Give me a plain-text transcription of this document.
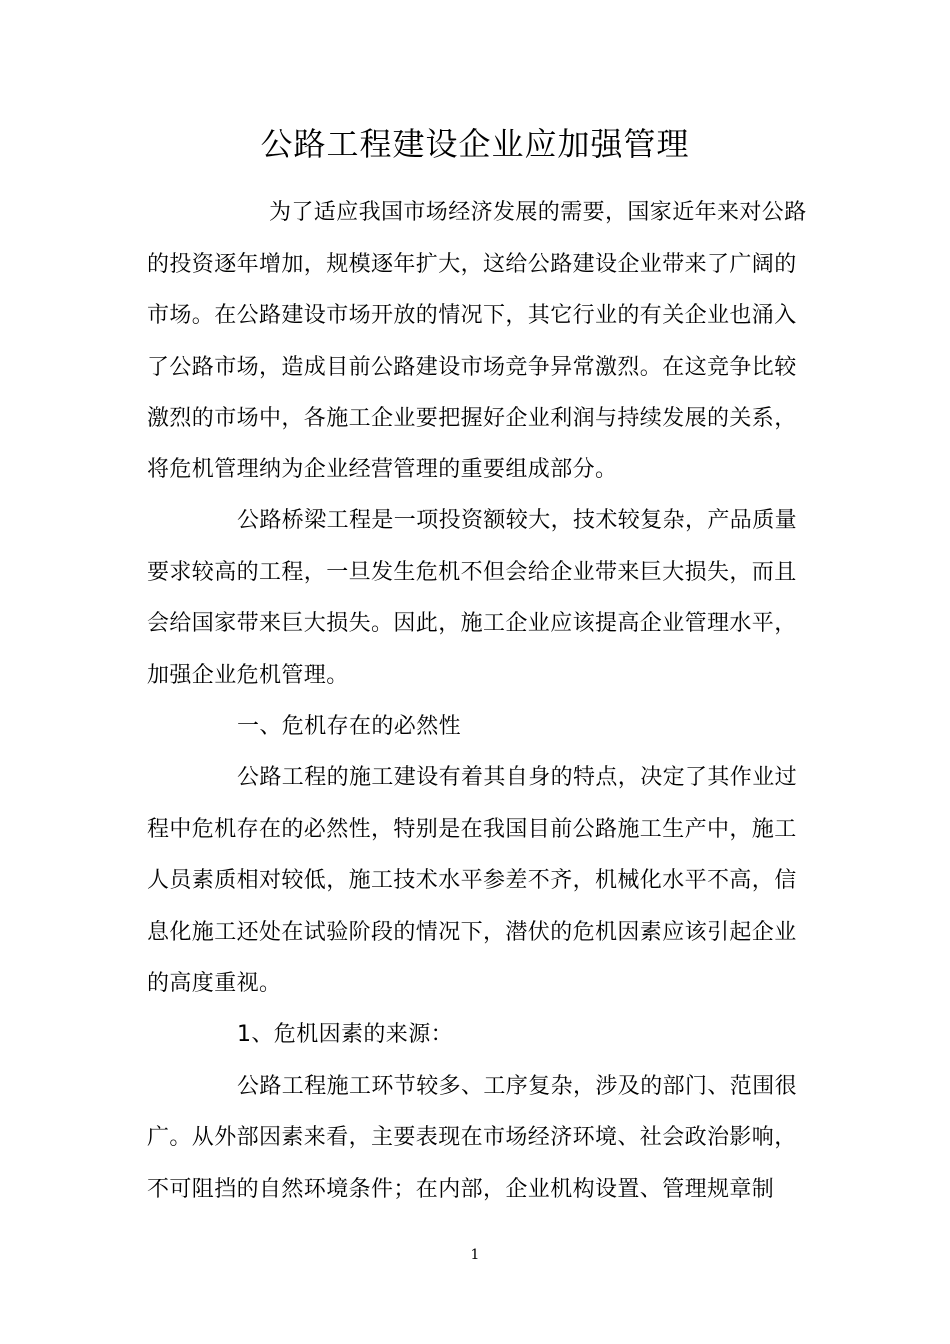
公路工程建设企业应加强管理
为了适应我国市场经济发展的需要，国家近年来对公路
的投资逐年增加，规模逐年扩大，这给公路建设企业带来了广阔的
市场。在公路建设市场开放的情况下，其它行业的有关企业也涌入
了公路市场，造成目前公路建设市场竞争异常激烈。在这竞争比较
激烈的市场中，各施工企业要把握好企业利润与持续发展的关系，
将危机管理纳为企业经营管理的重要组成部分。
公路桥梁工程是一项投资额较大，技术较复杂，产品质量
要求较高的工程，一旦发生危机不但会给企业带来巨大损失，而且
会给国家带来巨大损失。因此，施工企业应该提高企业管理水平，
加强企业危机管理。
一、危机存在的必然性
公路工程的施工建设有着其自身的特点，决定了其作业过
程中危机存在的必然性，特别是在我国目前公路施工生产中，施工
人员素质相对较低，施工技术水平参差不齐，机械化水平不高，信
息化施工还处在试验阶段的情况下，潜伏的危机因素应该引起企业
的高度重视。
1、危机因素的来源：
公路工程施工环节较多、工序复杂，涉及的部门、范围很
广。从外部因素来看，主要表现在市场经济环境、社会政治影响，
不可阻挡的自然环境条件；在内部，企业机构设置、管理规章制
1
